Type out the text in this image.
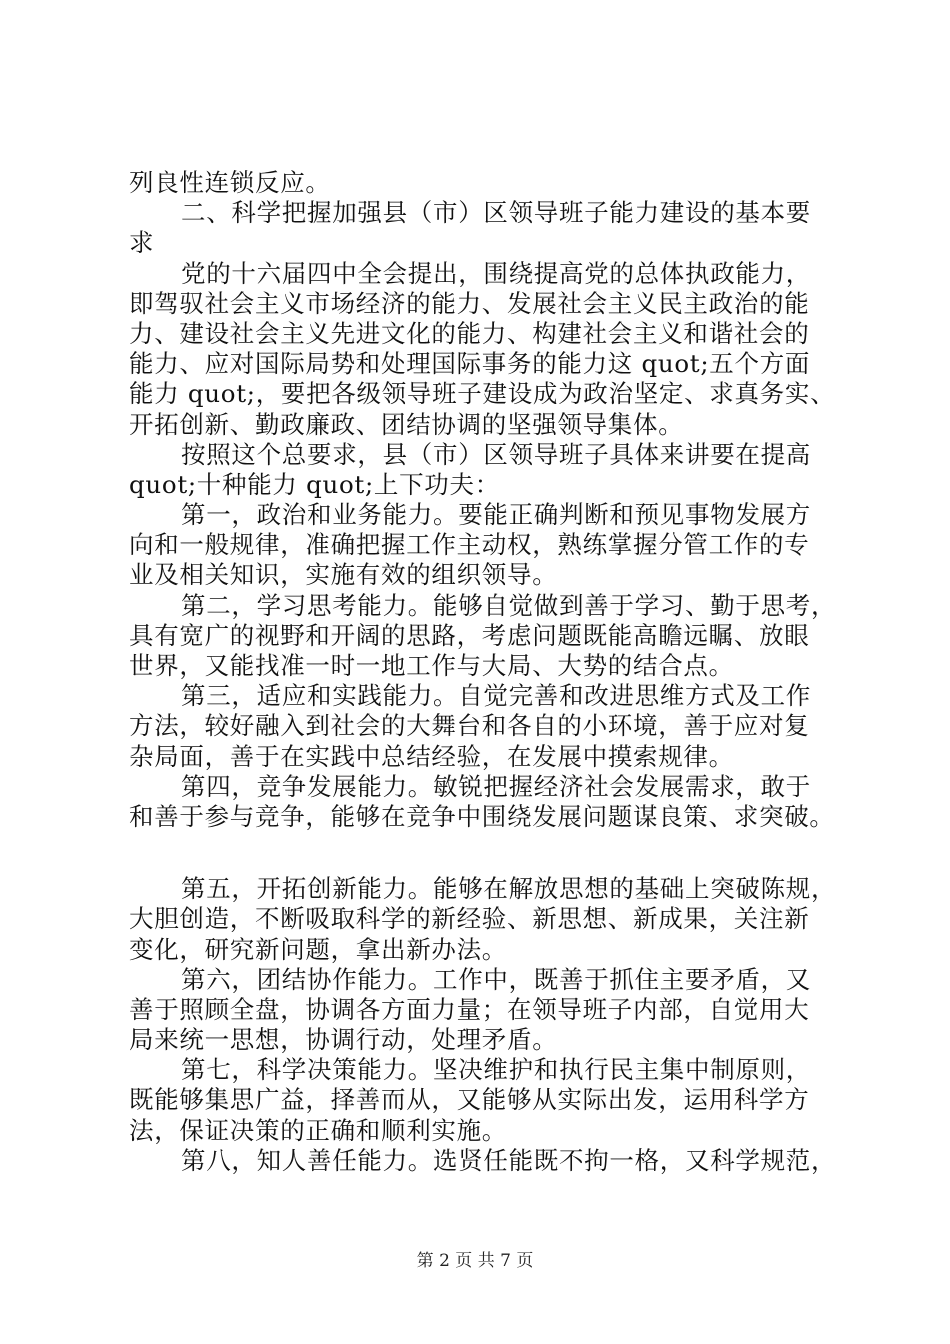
列良性连锁反应。
二、科学把握加强县（市）区领导班子能力建设的基本要
求
党的十六届四中全会提出，围绕提高党的总体执政能力，
即驾驭社会主义市场经济的能力、发展社会主义民主政治的能
力、建设社会主义先进文化的能力、构建社会主义和谐社会的
能力、应对国际局势和处理国际事务的能力这 quot;五个方面
能力 quot;，要把各级领导班子建设成为政治坚定、求真务实、
开拓创新、勤政廉政、团结协调的坚强领导集体。
按照这个总要求，县（市）区领导班子具体来讲要在提高
quot;十种能力 quot;上下功夫：
第一，政治和业务能力。要能正确判断和预见事物发展方
向和一般规律，准确把握工作主动权，熟练掌握分管工作的专
业及相关知识，实施有效的组织领导。
第二，学习思考能力。能够自觉做到善于学习、勤于思考，
具有宽广的视野和开阔的思路，考虑问题既能高瞻远瞩、放眼
世界，又能找准一时一地工作与大局、大势的结合点。
第三，适应和实践能力。自觉完善和改进思维方式及工作
方法，较好融入到社会的大舞台和各自的小环境，善于应对复
杂局面，善于在实践中总结经验，在发展中摸索规律。
第四，竞争发展能力。敏锐把握经济社会发展需求，敢于
和善于参与竞争，能够在竞争中围绕发展问题谋良策、求突破。
第五，开拓创新能力。能够在解放思想的基础上突破陈规，
大胆创造，不断吸取科学的新经验、新思想、新成果，关注新
变化，研究新问题，拿出新办法。
第六，团结协作能力。工作中，既善于抓住主要矛盾，又
善于照顾全盘，协调各方面力量；在领导班子内部，自觉用大
局来统一思想，协调行动，处理矛盾。
第七，科学决策能力。坚决维护和执行民主集中制原则，
既能够集思广益，择善而从，又能够从实际出发，运用科学方
法，保证决策的正确和顺利实施。
第八，知人善任能力。选贤任能既不拘一格，又科学规范，
第 2 页 共 7 页
